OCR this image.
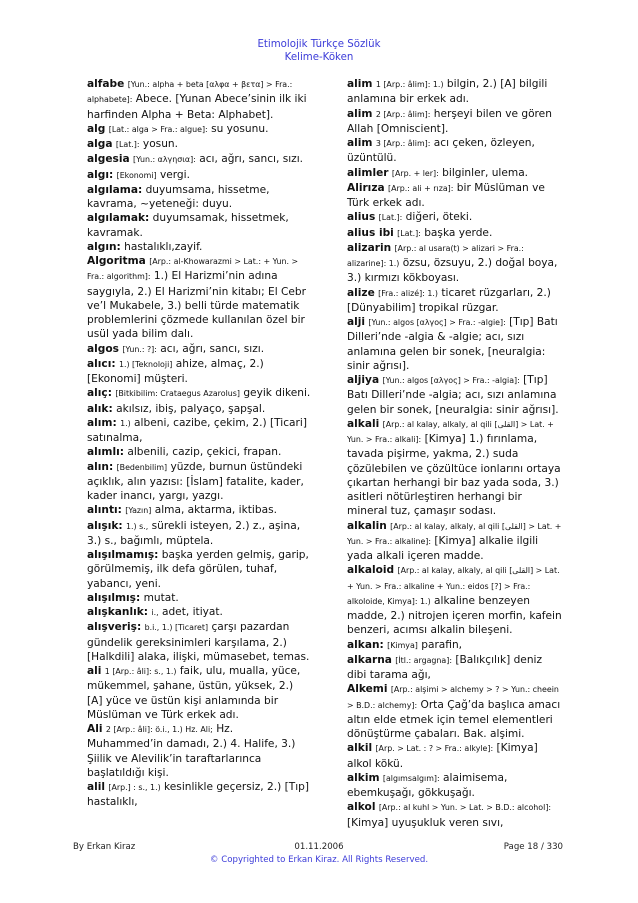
Etimolojik Türkçe Sözlük
Kelime-Köken

alfabe [Yun.: alpha + beta [αλφα + βετα] > Fra.: alphabete]: Abece. [Yunan Abece’sinin ilk iki harfinden Alpha + Beta: Alphabet].

alg [Lat.: alga > Fra.: algue]: su yosunu.

alga [Lat.]: yosun.

algesia [Yun.: αλγησια]: acı, ağrı, sancı, sızı.

algı: [Ekonomi] vergi.

algılama: duyumsama, hissetme, kavrama, ~yeteneği: duyu.

algılamak: duyumsamak, hissetmek, kavramak.

algın: hastalıklı,zayif.

Algoritma [Arp.: al-Khowarazmi > Lat.: + Yun. > Fra.: algorithm]: 1.) El Harizmi’nin adına saygıyla, 2.) El Harizmi’nin kitabı; El Cebr ve’l Mukabele, 3.) belli türde matematik problemlerini çözmede kullanılan özel bir usül yada bilim dalı.

algos [Yun.: ?]: acı, ağrı, sancı, sızı.

alıcı: 1.) [Teknoloji] ahize, almaç, 2.) [Ekonomi] müşteri.

alıç: [Bitkibilim: Crataegus Azarolus] geyik dikeni.

alık: akılsız, ibiş, palyaço, şapşal.

alım: 1.) albeni, cazibe, çekim, 2.) [Ticari] satınalma,

alımlı: albenili, cazip, çekici, frapan.

alın: [Bedenbilim] yüzde, burnun üstündeki açıklık, alın yazısı: [İslam] fatalite, kader, kader inancı, yargı, yazgı.

alıntı: [Yazın] alma, aktarma, iktibas.

alışık: 1.) s., sürekli isteyen, 2.) z., aşina, 3.) s., bağımlı, müptela.

alışılmamış: başka yerden gelmiş, garip, görülmemiş, ilk defa görülen, tuhaf, yabancı, yeni.

alışılmış: mutat.

alışkanlık: i., adet, itiyat.

alışveriş: b.i., 1.) [Ticaret] çarşı pazardan gündelik gereksinimleri karşılama, 2.) [Halkdili] alaka, ilişki, mümasebet, temas.

ali 1 [Arp.: âli]: s., 1.) faik, ulu, mualla, yüce, mükemmel, şahane, üstün, yüksek, 2.) [A] yüce ve üstün kişi anlamında bir Müslüman ve Türk erkek adı.

Ali 2 [Arp.: âli]: ö.i., 1.) Hz. Ali; Hz. Muhammed’in damadı, 2.) 4. Halife, 3.) Şiilik ve Alevilik’in taraftarlarınca başlatıldığı kişi.

alil [Arp.] : s., 1.) kesinlikle geçersiz, 2.) [Tıp] hastalıklı,

alim 1 [Arp.: âlim]: 1.) bilgin, 2.) [A] bilgili anlamına bir erkek adı.

alim 2 [Arp.: âlim]: herşeyi bilen ve gören Allah [Omniscient].

alim 3 [Arp.: âlim]: acı çeken, özleyen, üzüntülü.

alimler [Arp. + ler]: bilginler, ulema.

Alirıza [Arp.: ali + rıza]: bir Müslüman ve Türk erkek adı.

alius [Lat.]: diğeri, öteki.

alius ibi [Lat.]: başka yerde.

alizarin [Arp.: al usara(t) > alizari > Fra.: alizarine]: 1.) özsu, özsuyu, 2.) doğal boya, 3.) kırmızı kökboyası.

alize [Fra.: alizé]: 1.) ticaret rüzgarları, 2.) [Dünyabilim] tropikal rüzgar.

alji [Yun.: algos [αλγος] > Fra.: -algie]: [Tıp] Batı Dilleri’nde -algia & -algie; acı, sızı anlamına gelen bir sonek, [neuralgia: sinir ağrısı].

aljiya [Yun.: algos [αλγος] > Fra.: -algia]: [Tıp] Batı Dilleri’nde -algia; acı, sızı anlamına gelen bir sonek, [neuralgia: sinir ağrısı].

alkali [Arp.: al kalay, alkaly, al qili [القلى] > Lat. + Yun. > Fra.: alkali]: [Kimya] 1.) fırınlama, tavada pişirme, yakma, 2.) suda çözülebilen ve çözültüce ionlarını ortaya çıkartan herhangi bir baz yada soda, 3.) asitleri nötürleştiren herhangi bir mineral tuz, çamaşır sodası.

alkalin [Arp.: al kalay, alkaly, al qili [القلى] > Lat. + Yun. > Fra.: alkaline]: [Kimya] alkalie ilgili yada alkali içeren madde.

alkaloid [Arp.: al kalay, alkaly, al qili [القلى] > Lat. + Yun. > Fra.: alkaline + Yun.: eidos [?] > Fra.: alkoloide, Kimya]: 1.) alkaline benzeyen madde, 2.) nitrojen içeren morfin, kafein benzeri, acımsı alkalin bileşeni.

alkan: [Kimya] parafin,

alkarna [İtl.: argagna]: [Balıkçılık] deniz dibi tarama ağı,

Alkemi [Arp.: alşimi > alchemy > ? > Yun.: cheein > B.D.: alchemy]: Orta Çağ’da başlıca amacı altın elde etmek için temel elementleri dönüştürme çabaları. Bak. alşimi.

alkil [Arp. > Lat. : ? > Fra.: alkyle]: [Kimya] alkol kökü.

alkim [algımsalgım]: alaimisema, ebemkuşağı, gökkuşağı.

alkol [Arp.: al kuhl > Yun. > Lat. > B.D.: alcohol]: [Kimya] uyuşukluk veren sıvı,

By Erkan Kiraz	01.11.2006	Page 18 / 330
© Copyrighted to Erkan Kiraz. All Rights Reserved.
